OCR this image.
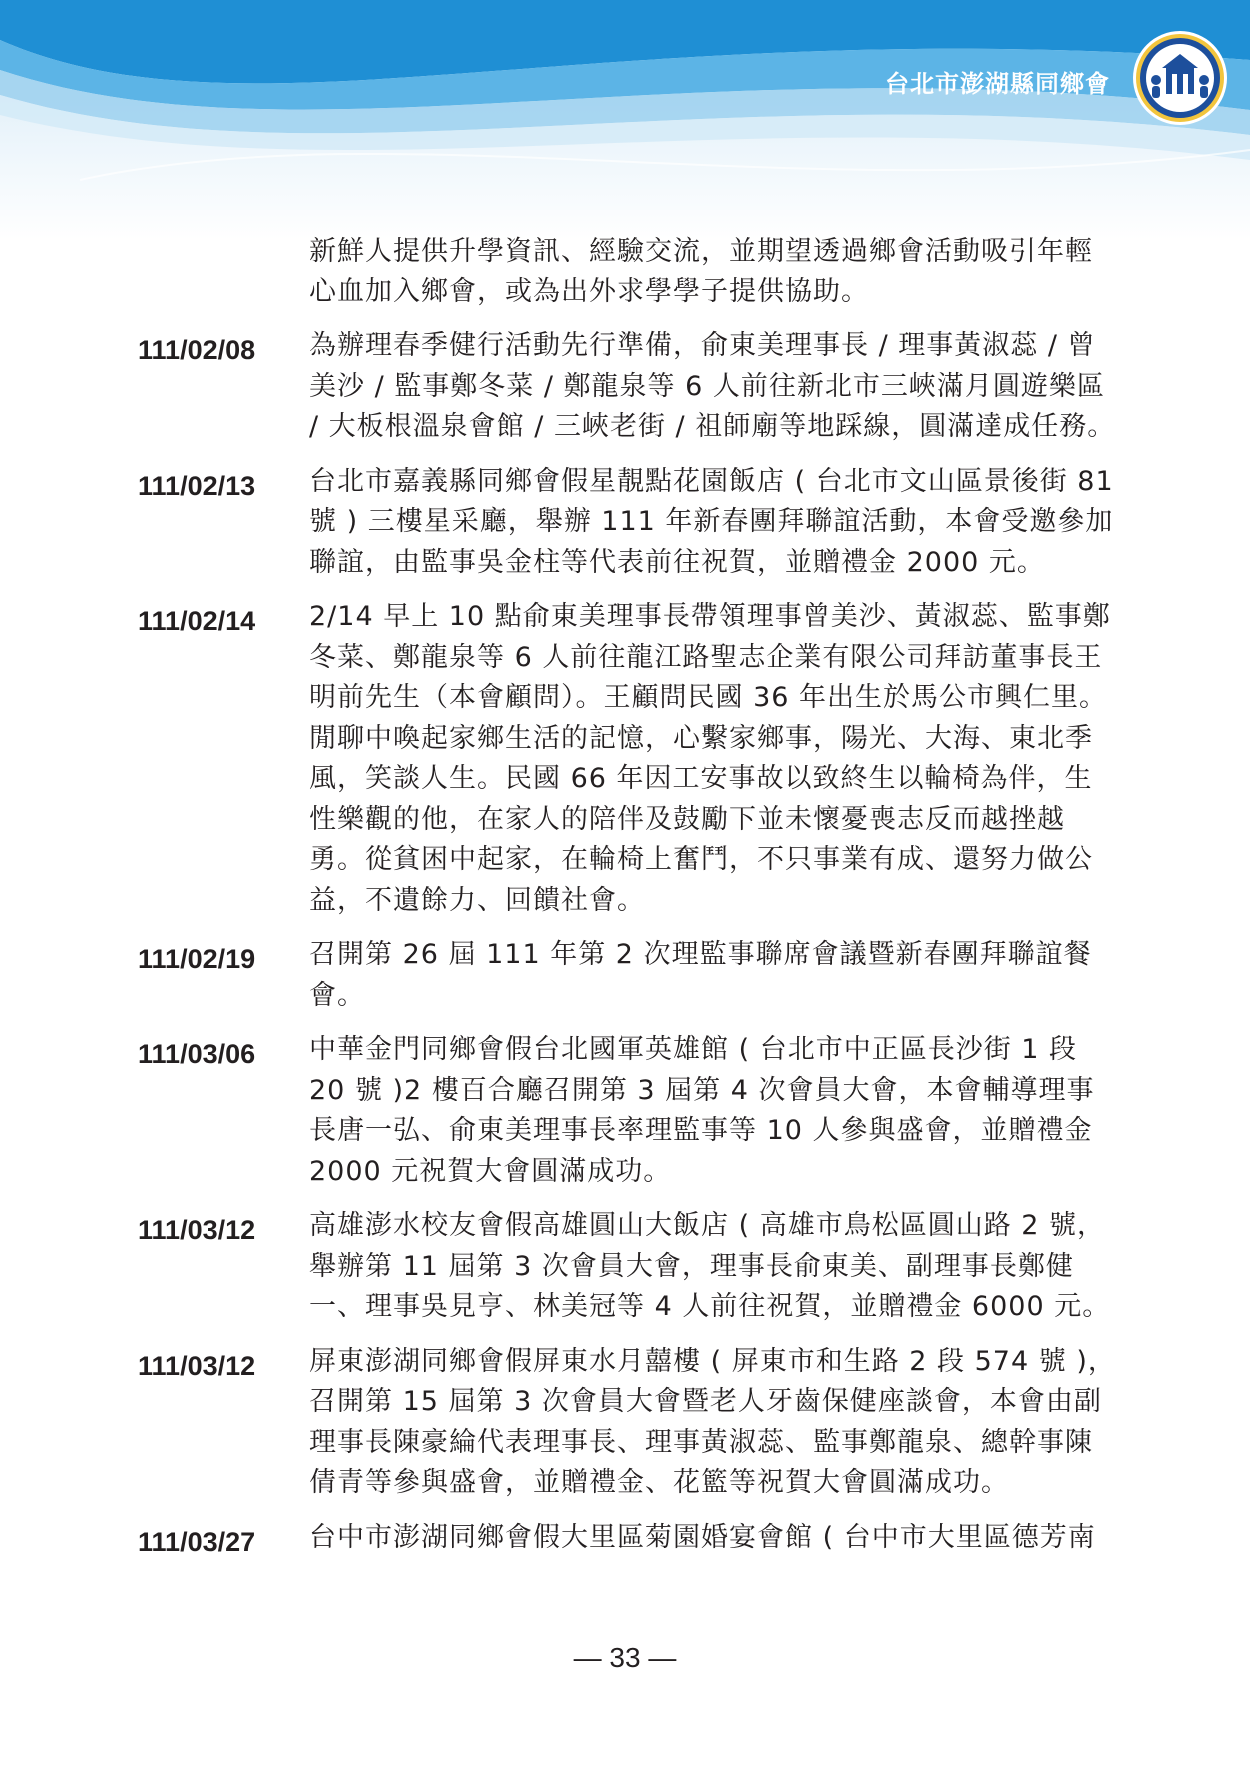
台北市澎湖縣同鄉會
新鮮人提供升學資訊、經驗交流，並期望透過鄉會活動吸引年輕心血加入鄉會，或為出外求學學子提供協助。
111/02/08	為辦理春季健行活動先行準備，俞東美理事長 / 理事黃淑蕊 / 曾美沙 / 監事鄭冬菜 / 鄭龍泉等 6 人前往新北市三峽滿月圓遊樂區 / 大板根溫泉會館 / 三峽老街 / 祖師廟等地踩線，圓滿達成任務。
111/02/13	台北市嘉義縣同鄉會假星靚點花園飯店 ( 台北市文山區景後街 81 號 ) 三樓星采廳，舉辦 111 年新春團拜聯誼活動，本會受邀參加聯誼，由監事吳金柱等代表前往祝賀，並贈禮金 2000 元。
111/02/14	2/14 早上 10 點俞東美理事長帶領理事曾美沙、黃淑蕊、監事鄭冬菜、鄭龍泉等 6 人前往龍江路聖志企業有限公司拜訪董事長王明前先生（本會顧問）。王顧問民國 36 年出生於馬公市興仁里。閒聊中喚起家鄉生活的記憶，心繫家鄉事，陽光、大海、東北季風，笑談人生。民國 66 年因工安事故以致終生以輪椅為伴，生性樂觀的他，在家人的陪伴及鼓勵下並未懷憂喪志反而越挫越勇。從貧困中起家，在輪椅上奮鬥，不只事業有成、還努力做公益，不遺餘力、回饋社會。
111/02/19	召開第 26 屆 111 年第 2 次理監事聯席會議暨新春團拜聯誼餐會。
111/03/06	中華金門同鄉會假台北國軍英雄館 ( 台北市中正區長沙街 1 段 20 號 )2 樓百合廳召開第 3 屆第 4 次會員大會，本會輔導理事長唐一弘、俞東美理事長率理監事等 10 人參與盛會，並贈禮金 2000 元祝賀大會圓滿成功。
111/03/12	高雄澎水校友會假高雄圓山大飯店 ( 高雄市鳥松區圓山路 2 號，舉辦第 11 屆第 3 次會員大會，理事長俞東美、副理事長鄭健一、理事吳見亨、林美冠等 4 人前往祝賀，並贈禮金 6000 元。
111/03/12	屏東澎湖同鄉會假屏東水月囍樓 ( 屏東市和生路 2 段 574 號 )，召開第 15 屆第 3 次會員大會暨老人牙齒保健座談會，本會由副理事長陳豪綸代表理事長、理事黃淑蕊、監事鄭龍泉、總幹事陳倩青等參與盛會，並贈禮金、花籃等祝賀大會圓滿成功。
111/03/27	台中市澎湖同鄉會假大里區菊園婚宴會館 ( 台中市大里區德芳南
— 33 —
